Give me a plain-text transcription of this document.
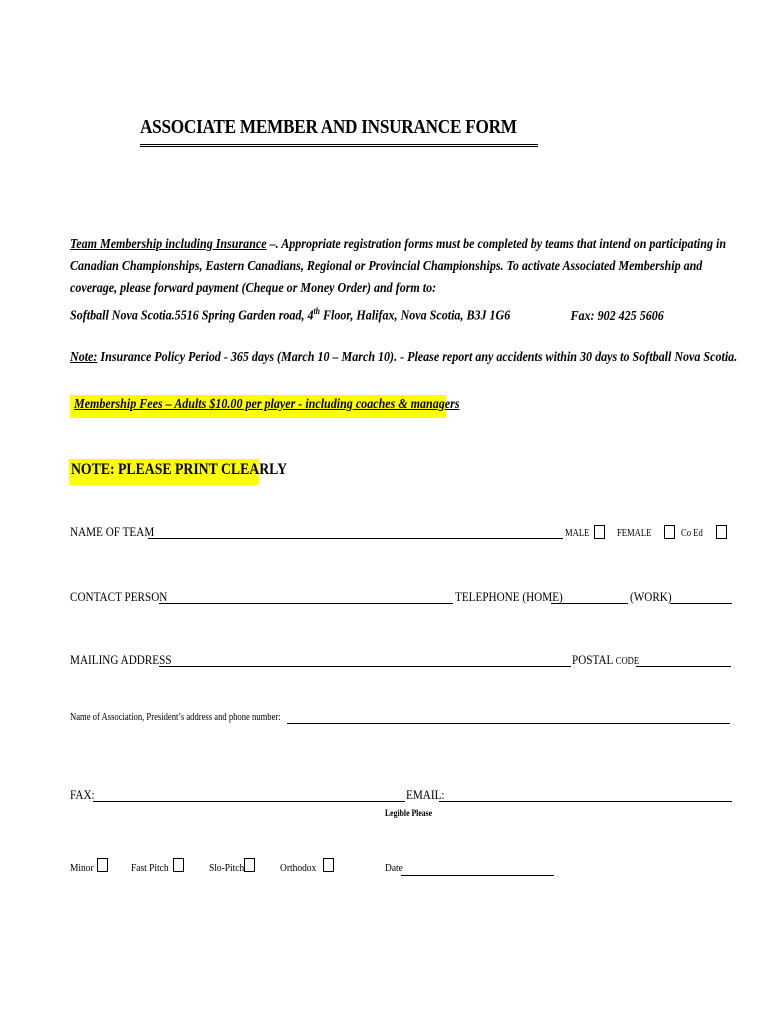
ASSOCIATE MEMBER AND INSURANCE FORM
Team Membership including Insurance –. Appropriate registration forms must be completed by teams that intend on participating in
Canadian Championships, Eastern Canadians, Regional or Provincial Championships. To activate Associated Membership and
coverage, please forward payment (Cheque or Money Order) and form to:
Softball Nova Scotia.5516 Spring Garden road, 4th Floor, Halifax, Nova Scotia, B3J 1G6	Fax: 902 425 5606
Note: Insurance Policy Period - 365 days (March 10 – March 10). - Please report any accidents within 30 days to Softball Nova Scotia.
Membership Fees – Adults $10.00 per player - including coaches & managers
NOTE: PLEASE PRINT CLEARLY
NAME OF TEAM	MALE	FEMALE	Co Ed
CONTACT PERSON	TELEPHONE (HOME)	(WORK)
MAILING ADDRESS	POSTAL CODE
Name of Association, President’s address and phone number:
FAX:	EMAIL:
Legible Please
Minor	Fast Pitch	Slo-Pitch	Orthodox	Date
